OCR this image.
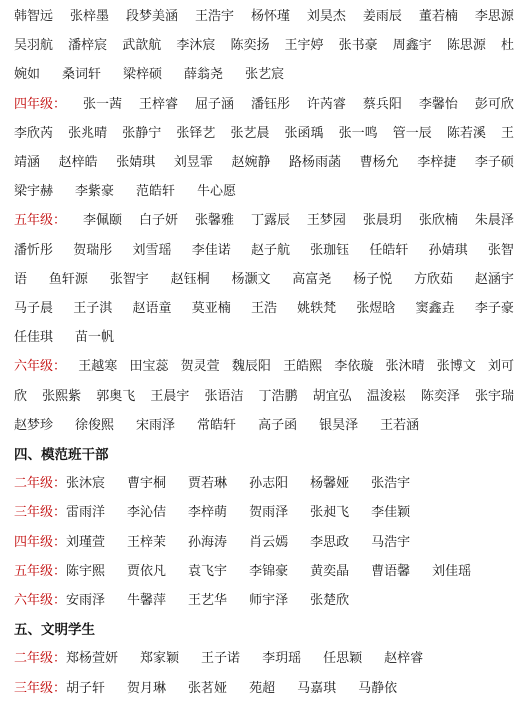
韩智远 张梓墨 段梦美涵 王浩宇 杨怀瑾 刘昊杰 姜雨辰 董若楠 李思源
吴羽航 潘梓宸 武歆航 李沐宸 陈奕扬 王宇婷 张书豪 周鑫宇 陈思源 杜
婉如 桑词轩 梁梓硕 薛翁尧 张艺宸
四年级： 张一茜 王梓睿 屈子涵 潘钰彤 许芮睿 蔡兵阳 李馨怡 彭可欣
李欣芮 张兆晴 张静宁 张铎艺 张艺晨 张函瑀 张一鸣 管一辰 陈若溪 王
靖涵 赵梓皓 张婧琪 刘昱霏 赵婉静 路杨雨菡 曹杨允 李梓捷 李子硕
梁宇赫 李紫豪 范皓轩 牛心愿
五年级： 李佩颐 白子妍 张馨雅 丁露辰 王梦园 张晨玥 张欣楠 朱晨泽
潘忻彤 贺瑞彤 刘雪瑶 李佳诺 赵子航 张珈钰 任皓轩 孙婧琪 张智
语 鱼轩源 张智宇 赵钰桐 杨灏文 高富尧 杨子悦 方欣茹 赵涵宇
马子晨 王子淇 赵语童 莫亚楠 王浩 姚轶梵 张煜晗 窦鑫垚 李子豪
任佳琪 苗一帆
六年级： 王越寒 田宝蕊 贺灵萱 魏辰阳 王皓熙 李依璇 张沐晴 张博文 刘可
欣 张熙紫 郭奥飞 王晨宇 张语洁 丁浩鹏 胡宜弘 温浚崧 陈奕泽 张宇瑞
赵梦珍 徐俊熙 宋雨泽 常皓轩 高子函 银昊泽 王若涵
四、模范班干部
二年级： 张沐宸 曹宇桐 贾若琳 孙志阳 杨馨娅 张浩宇
三年级： 雷雨洋 李沁佶 李梓萌 贺雨泽 张昶飞 李佳颖
四年级： 刘瑾萱 王梓茉 孙海涛 肖云嫣 李思政 马浩宇
五年级： 陈宇熙 贾依凡 袁飞宇 李锦豪 黄奕晶 曹语馨 刘佳瑶
六年级： 安雨泽 牛馨萍 王艺华 师宇泽 张楚欣
五、文明学生
二年级： 郑杨萱妍 郑家颖 王子诺 李玥瑶 任思颖 赵梓睿
三年级： 胡子轩 贺月琳 张茗娅 苑超 马嘉琪 马静依
